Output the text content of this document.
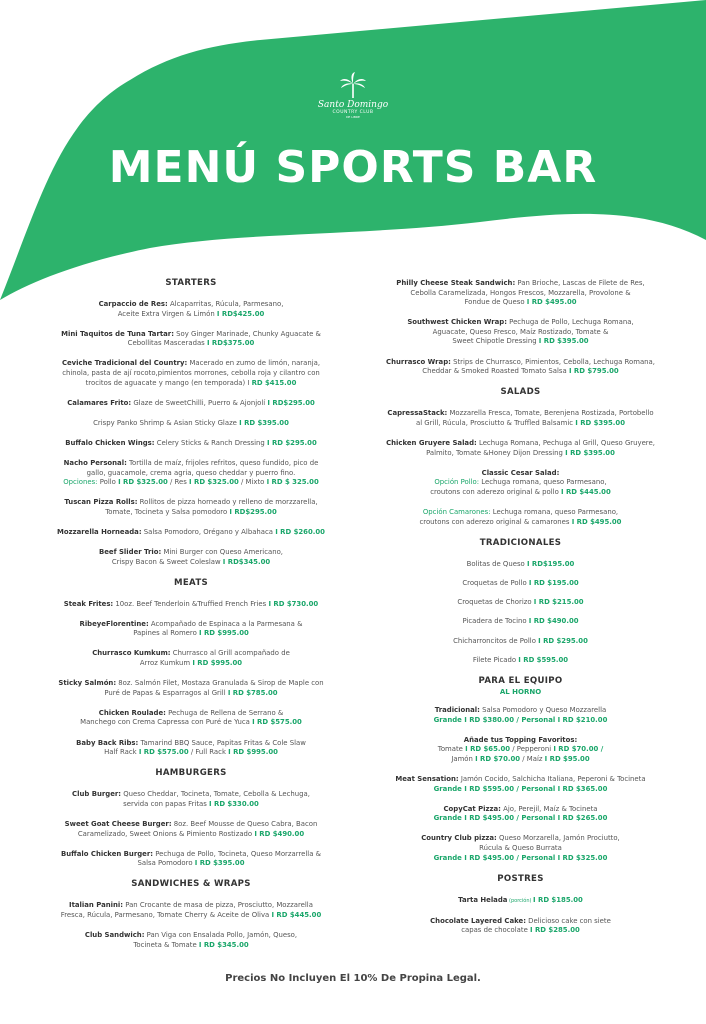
Santo Domingo
COUNTRY CLUB
DE LIBRE
MENÚ SPORTS BAR
STARTERS
Carpaccio de Res: Alcaparritas, Rúcula, Parmesano,
Aceite Extra Virgen & Limón I RD$425.00
Mini Taquitos de Tuna Tartar: Soy Ginger Marinade, Chunky Aguacate &
Cebollitas Masceradas I RD$375.00
Ceviche Tradicional del Country: Macerado en zumo de limón, naranja,
chinola, pasta de ají rocoto,pimientos morrones, cebolla roja y cilantro con
trocitos de aguacate y mango (en temporada) I RD $415.00
Calamares Frito: Glaze de SweetChilli, Puerro & Ajonjolí I RD$295.00
Crispy Panko Shrimp & Asian Sticky Glaze I RD $395.00
Buffalo Chicken Wings: Celery Sticks & Ranch Dressing I RD $295.00
Nacho Personal: Tortilla de maíz, frijoles refritos, queso fundido, pico de
gallo, guacamole, crema agria, queso cheddar y puerro fino.
Opciones: Pollo I RD $325.00 / Res I RD $325.00 / Mixto I RD $ 325.00
Tuscan Pizza Rolls: Rollitos de pizza horneado y relleno de morzzarella,
Tomate, Tocineta y Salsa pomodoro I RD$295.00
Mozzarella Horneada: Salsa Pomodoro, Orégano y Albahaca I RD $260.00
Beef Slider Trio: Mini Burger con Queso Americano,
Crispy Bacon & Sweet Coleslaw I RD$345.00
MEATS
Steak Frites: 10oz. Beef Tenderloin &Truffied French Fries I RD $730.00
RibeyeFlorentine: Acompañado de Espinaca a la Parmesana &
Papines al Romero I RD $995.00
Churrasco Kumkum: Churrasco al Grill acompañado de
Arroz Kumkum I RD $995.00
Sticky Salmón: 8oz. Salmón Filet, Mostaza Granulada & Sirop de Maple con
Puré de Papas & Esparragos al Grill I RD $785.00
Chicken Roulade: Pechuga de Rellena de Serrano &
Manchego con Crema Capressa con Puré de Yuca I RD $575.00
Baby Back Ribs: Tamarind BBQ Sauce, Papitas Fritas & Cole Slaw
Half Rack I RD $575.00 / Full Rack I RD $995.00
HAMBURGERS
Club Burger: Queso Cheddar, Tocineta, Tomate, Cebolla & Lechuga,
servida con papas Fritas I RD $330.00
Sweet Goat Cheese Burger: 8oz. Beef Mousse de Queso Cabra, Bacon
Caramelizado, Sweet Onions & Pimiento Rostizado I RD $490.00
Buffalo Chicken Burger: Pechuga de Pollo, Tocineta, Queso Morzarrella &
Salsa Pomodoro I RD $395.00
SANDWICHES & WRAPS
Italian Panini: Pan Crocante de masa de pizza, Prosciutto, Mozzarella
Fresca, Rúcula, Parmesano, Tomate Cherry & Aceite de Oliva I RD $445.00
Club Sandwich: Pan Viga con Ensalada Pollo, Jamón, Queso,
Tocineta & Tomate I RD $345.00
Philly Cheese Steak Sandwich: Pan Brioche, Lascas de Filete de Res,
Cebolla Caramelizada, Hongos Frescos, Mozzarella, Provolone &
Fondue de Queso I RD $495.00
Southwest Chicken Wrap: Pechuga de Pollo, Lechuga Romana,
Aguacate, Queso Fresco, Maíz Rostizado, Tomate &
Sweet Chipotle Dressing I RD $395.00
Churrasco Wrap: Strips de Churrasco, Pimientos, Cebolla, Lechuga Romana,
Cheddar & Smoked Roasted Tomato Salsa I RD $795.00
SALADS
CapressaStack: Mozzarella Fresca, Tomate, Berenjena Rostizada, Portobello
al Grill, Rúcula, Prosciutto & Truffled Balsamic I RD $395.00
Chicken Gruyere Salad: Lechuga Romana, Pechuga al Grill, Queso Gruyere,
Palmito, Tomate &Honey Dijon Dressing I RD $395.00
Classic Cesar Salad:
Opción Pollo: Lechuga romana, queso Parmesano,
croutons con aderezo original & pollo I RD $445.00
Opción Camarones: Lechuga romana, queso Parmesano,
croutons con aderezo original & camarones I RD $495.00
TRADICIONALES
Bolitas de Queso I RD$195.00
Croquetas de Pollo I RD $195.00
Croquetas de Chorizo I RD $215.00
Picadera de Tocino I RD $490.00
Chicharroncitos de Pollo I RD $295.00
Filete Picado I RD $595.00
PARA EL EQUIPO
AL HORNO
Tradicional: Salsa Pomodoro y Queso Mozzarella
Grande I RD $380.00 / Personal I RD $210.00
Añade tus Topping Favoritos:
Tomate I RD $65.00 / Pepperoni I RD $70.00 /
Jamón I RD $70.00 / Maíz I RD $95.00
Meat Sensation: Jamón Cocido, Salchicha Italiana, Peperoni & Tocineta
Grande I RD $595.00 / Personal I RD $365.00
CopyCat Pizza: Ajo, Perejil, Maíz & Tocineta
Grande I RD $495.00 / Personal I RD $265.00
Country Club pizza: Queso Morzarella, Jamón Prociutto,
Rúcula & Queso Burrata
Grande I RD $495.00 / Personal I RD $325.00
POSTRES
Tarta Helada (porción) I RD $185.00
Chocolate Layered Cake: Delicioso cake con siete
capas de chocolate I RD $285.00
Precios No Incluyen El 10% De Propina Legal.
